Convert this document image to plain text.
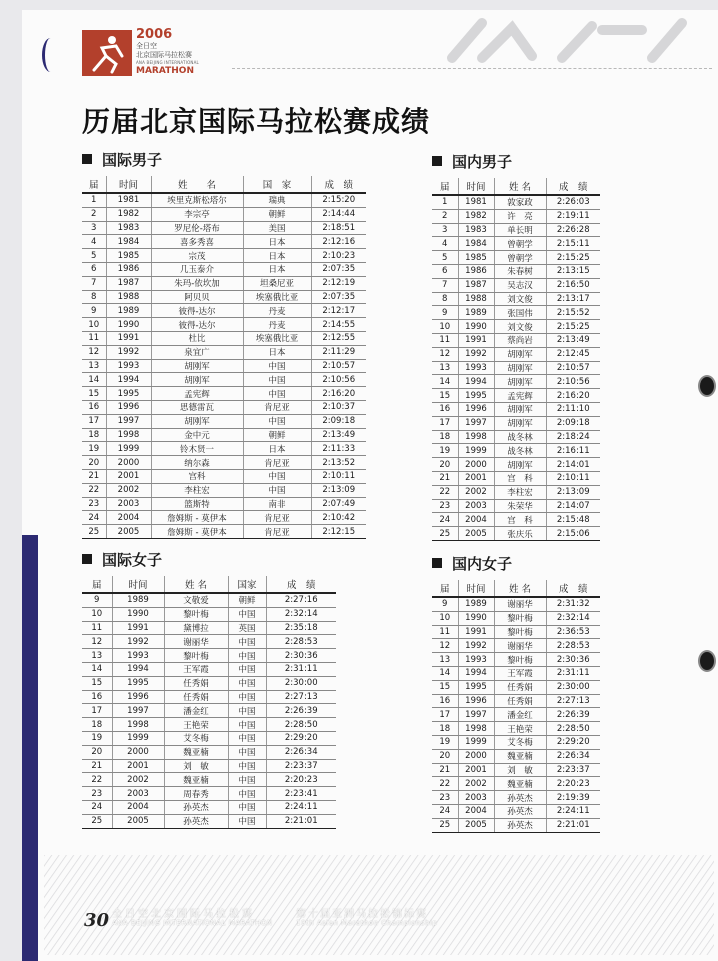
2006
全日空
北京国际马拉松赛
ANA BEIJING INTERNATIONAL
MARATHON
历届北京国际马拉松赛成绩
国际男子
届	时间	姓　　名	国　家	成　绩
1	1981	埃里克斯松塔尔	瑞典	2:15:20
2	1982	李宗亭	朝鲜	2:14:44
3	1983	罗尼伦-塔布	美国	2:18:51
4	1984	喜多秀喜	日本	2:12:16
5	1985	宗茂	日本	2:10:23
6	1986	几玉泰介	日本	2:07:35
7	1987	朱玛-依坎加	坦桑尼亚	2:12:19
8	1988	阿贝贝	埃塞俄比亚	2:07:35
9	1989	彼得-达尔	丹麦	2:12:17
10	1990	彼得-达尔	丹麦	2:14:55
11	1991	杜比	埃塞俄比亚	2:12:55
12	1992	泉宜广	日本	2:11:29
13	1993	胡刚军	中国	2:10:57
14	1994	胡刚军	中国	2:10:56
15	1995	孟宪辉	中国	2:16:20
16	1996	思德雷瓦	肯尼亚	2:10:37
17	1997	胡刚军	中国	2:09:18
18	1998	金中元	朝鲜	2:13:49
19	1999	铃木贤一	日本	2:11:33
20	2000	纳尔森	肯尼亚	2:13:52
21	2001	宫科	中国	2:10:11
22	2002	李柱宏	中国	2:13:09
23	2003	篮斯特	南非	2:07:49
24	2004	詹姆斯 - 莫伊本	肯尼亚	2:10:42
25	2005	詹姆斯 - 莫伊本	肯尼亚	2:12:15
国内男子
届	时间	姓 名	成　绩
1	1981	敦家政	2:26:03
2	1982	许　亮	2:19:11
3	1983	单长明	2:26:28
4	1984	曾朝学	2:15:11
5	1985	曾朝学	2:15:25
6	1986	朱春树	2:13:15
7	1987	吴志汉	2:16:50
8	1988	刘文俊	2:13:17
9	1989	张国伟	2:15:52
10	1990	刘文俊	2:15:25
11	1991	蔡尚岩	2:13:49
12	1992	胡刚军	2:12:45
13	1993	胡刚军	2:10:57
14	1994	胡刚军	2:10:56
15	1995	孟宪辉	2:16:20
16	1996	胡刚军	2:11:10
17	1997	胡刚军	2:09:18
18	1998	战冬林	2:18:24
19	1999	战冬林	2:16:11
20	2000	胡刚军	2:14:01
21	2001	宫　科	2:10:11
22	2002	李柱宏	2:13:09
23	2003	朱荣华	2:14:07
24	2004	宫　科	2:15:48
25	2005	张庆乐	2:15:06
国际女子
届	时间	姓 名	国家	成　绩
9	1989	文敬爱	朝鲜	2:27:16
10	1990	黎叶梅	中国	2:32:14
11	1991	黛博拉	英国	2:35:18
12	1992	谢丽华	中国	2:28:53
13	1993	黎叶梅	中国	2:30:36
14	1994	王军霞	中国	2:31:11
15	1995	任秀娟	中国	2:30:00
16	1996	任秀娟	中国	2:27:13
17	1997	潘金红	中国	2:26:39
18	1998	王艳荣	中国	2:28:50
19	1999	艾冬梅	中国	2:29:20
20	2000	魏亚楠	中国	2:26:34
21	2001	刘　敏	中国	2:23:37
22	2002	魏亚楠	中国	2:20:23
23	2003	周春秀	中国	2:23:41
24	2004	孙英杰	中国	2:24:11
25	2005	孙英杰	中国	2:21:01
国内女子
届	时间	姓 名	成　绩
9	1989	谢丽华	2:31:32
10	1990	黎叶梅	2:32:14
11	1991	黎叶梅	2:36:53
12	1992	谢丽华	2:28:53
13	1993	黎叶梅	2:30:36
14	1994	王军霞	2:31:11
15	1995	任秀娟	2:30:00
16	1996	任秀娟	2:27:13
17	1997	潘金红	2:26:39
18	1998	王艳荣	2:28:50
19	1999	艾冬梅	2:29:20
20	2000	魏亚楠	2:26:34
21	2001	刘　敏	2:23:37
22	2002	魏亚楠	2:20:23
23	2003	孙英杰	2:19:39
24	2004	孙英杰	2:24:11
25	2005	孙英杰	2:21:01
30 全日空北京国际马拉松赛
ANA BEIJING INTERNATIONAL MARATHON
第十届亚洲马拉松锦标赛
10th Asian Marathon Championship
